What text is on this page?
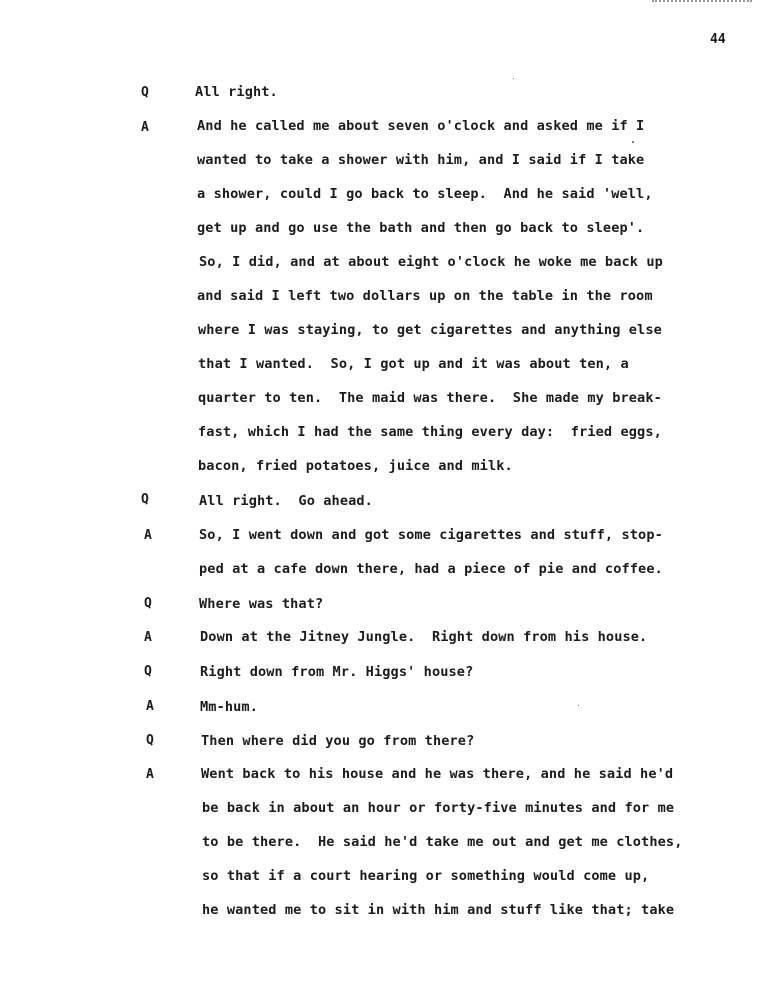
44
Q
A
Q
A
Q
A
Q
A
Q
A
All right.
And he called me about seven o'clock and asked me if I
wanted to take a shower with him, and I said if I take
a shower, could I go back to sleep.  And he said 'well,
get up and go use the bath and then go back to sleep'.
So, I did, and at about eight o'clock he woke me back up
and said I left two dollars up on the table in the room
where I was staying, to get cigarettes and anything else
that I wanted.  So, I got up and it was about ten, a
quarter to ten.  The maid was there.  She made my break-
fast, which I had the same thing every day:  fried eggs,
bacon, fried potatoes, juice and milk.
All right.  Go ahead.
So, I went down and got some cigarettes and stuff, stop-
ped at a cafe down there, had a piece of pie and coffee.
Where was that?
Down at the Jitney Jungle.  Right down from his house.
Right down from Mr. Higgs' house?
Mm-hum.
Then where did you go from there?
Went back to his house and he was there, and he said he'd
be back in about an hour or forty-five minutes and for me
to be there.  He said he'd take me out and get me clothes,
so that if a court hearing or something would come up,
he wanted me to sit in with him and stuff like that; take
